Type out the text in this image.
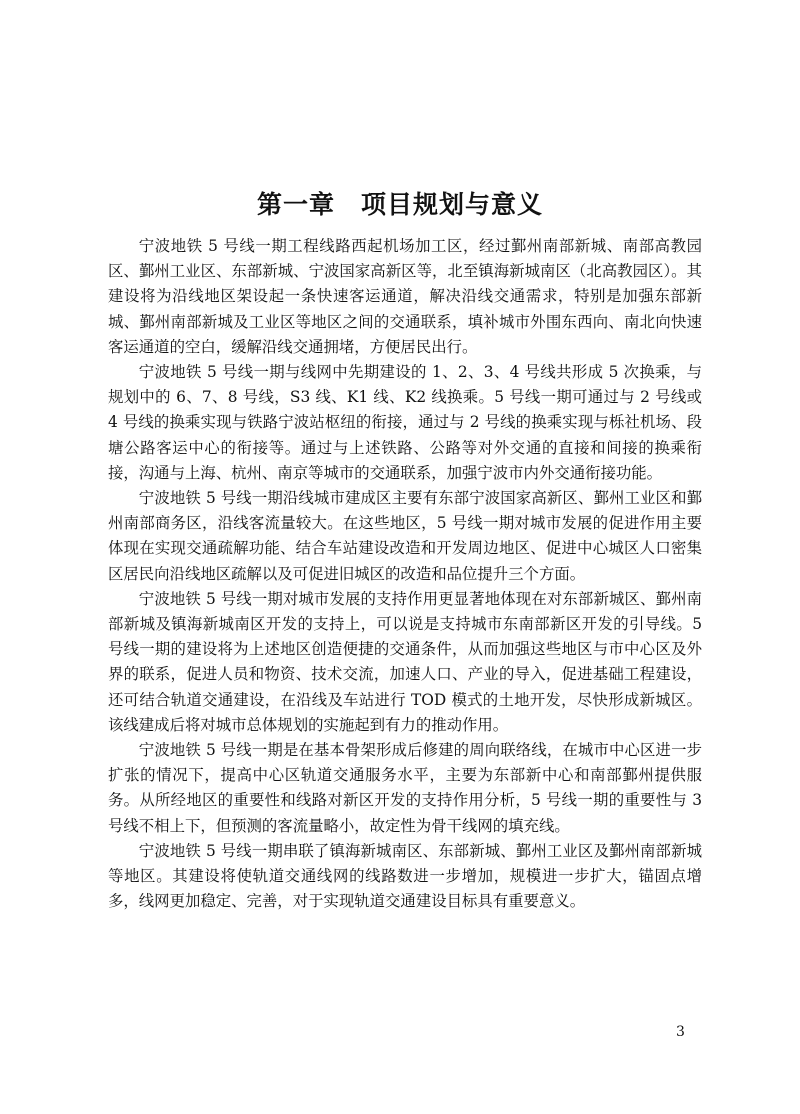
第一章　项目规划与意义

宁波地铁 5 号线一期工程线路西起机场加工区，经过鄞州南部新城、南部高教园区、鄞州工业区、东部新城、宁波国家高新区等，北至镇海新城南区（北高教园区）。其建设将为沿线地区架设起一条快速客运通道，解决沿线交通需求，特别是加强东部新城、鄞州南部新城及工业区等地区之间的交通联系，填补城市外围东西向、南北向快速客运通道的空白，缓解沿线交通拥堵，方便居民出行。

宁波地铁 5 号线一期与线网中先期建设的 1、2、3、4 号线共形成 5 次换乘，与规划中的 6、7、8 号线，S3 线、K1 线、K2 线换乘。5 号线一期可通过与 2 号线或 4 号线的换乘实现与铁路宁波站枢纽的衔接，通过与 2 号线的换乘实现与栎社机场、段塘公路客运中心的衔接等。通过与上述铁路、公路等对外交通的直接和间接的换乘衔接，沟通与上海、杭州、南京等城市的交通联系，加强宁波市内外交通衔接功能。

宁波地铁 5 号线一期沿线城市建成区主要有东部宁波国家高新区、鄞州工业区和鄞州南部商务区，沿线客流量较大。在这些地区，5 号线一期对城市发展的促进作用主要体现在实现交通疏解功能、结合车站建设改造和开发周边地区、促进中心城区人口密集区居民向沿线地区疏解以及可促进旧城区的改造和品位提升三个方面。

宁波地铁 5 号线一期对城市发展的支持作用更显著地体现在对东部新城区、鄞州南部新城及镇海新城南区开发的支持上，可以说是支持城市东南部新区开发的引导线。5 号线一期的建设将为上述地区创造便捷的交通条件，从而加强这些地区与市中心区及外界的联系，促进人员和物资、技术交流，加速人口、产业的导入，促进基础工程建设，还可结合轨道交通建设，在沿线及车站进行 TOD 模式的土地开发，尽快形成新城区。该线建成后将对城市总体规划的实施起到有力的推动作用。

宁波地铁 5 号线一期是在基本骨架形成后修建的周向联络线，在城市中心区进一步扩张的情况下，提高中心区轨道交通服务水平，主要为东部新中心和南部鄞州提供服务。从所经地区的重要性和线路对新区开发的支持作用分析，5 号线一期的重要性与 3 号线不相上下，但预测的客流量略小，故定性为骨干线网的填充线。

宁波地铁 5 号线一期串联了镇海新城南区、东部新城、鄞州工业区及鄞州南部新城等地区。其建设将使轨道交通线网的线路数进一步增加，规模进一步扩大，锚固点增多，线网更加稳定、完善，对于实现轨道交通建设目标具有重要意义。

3
